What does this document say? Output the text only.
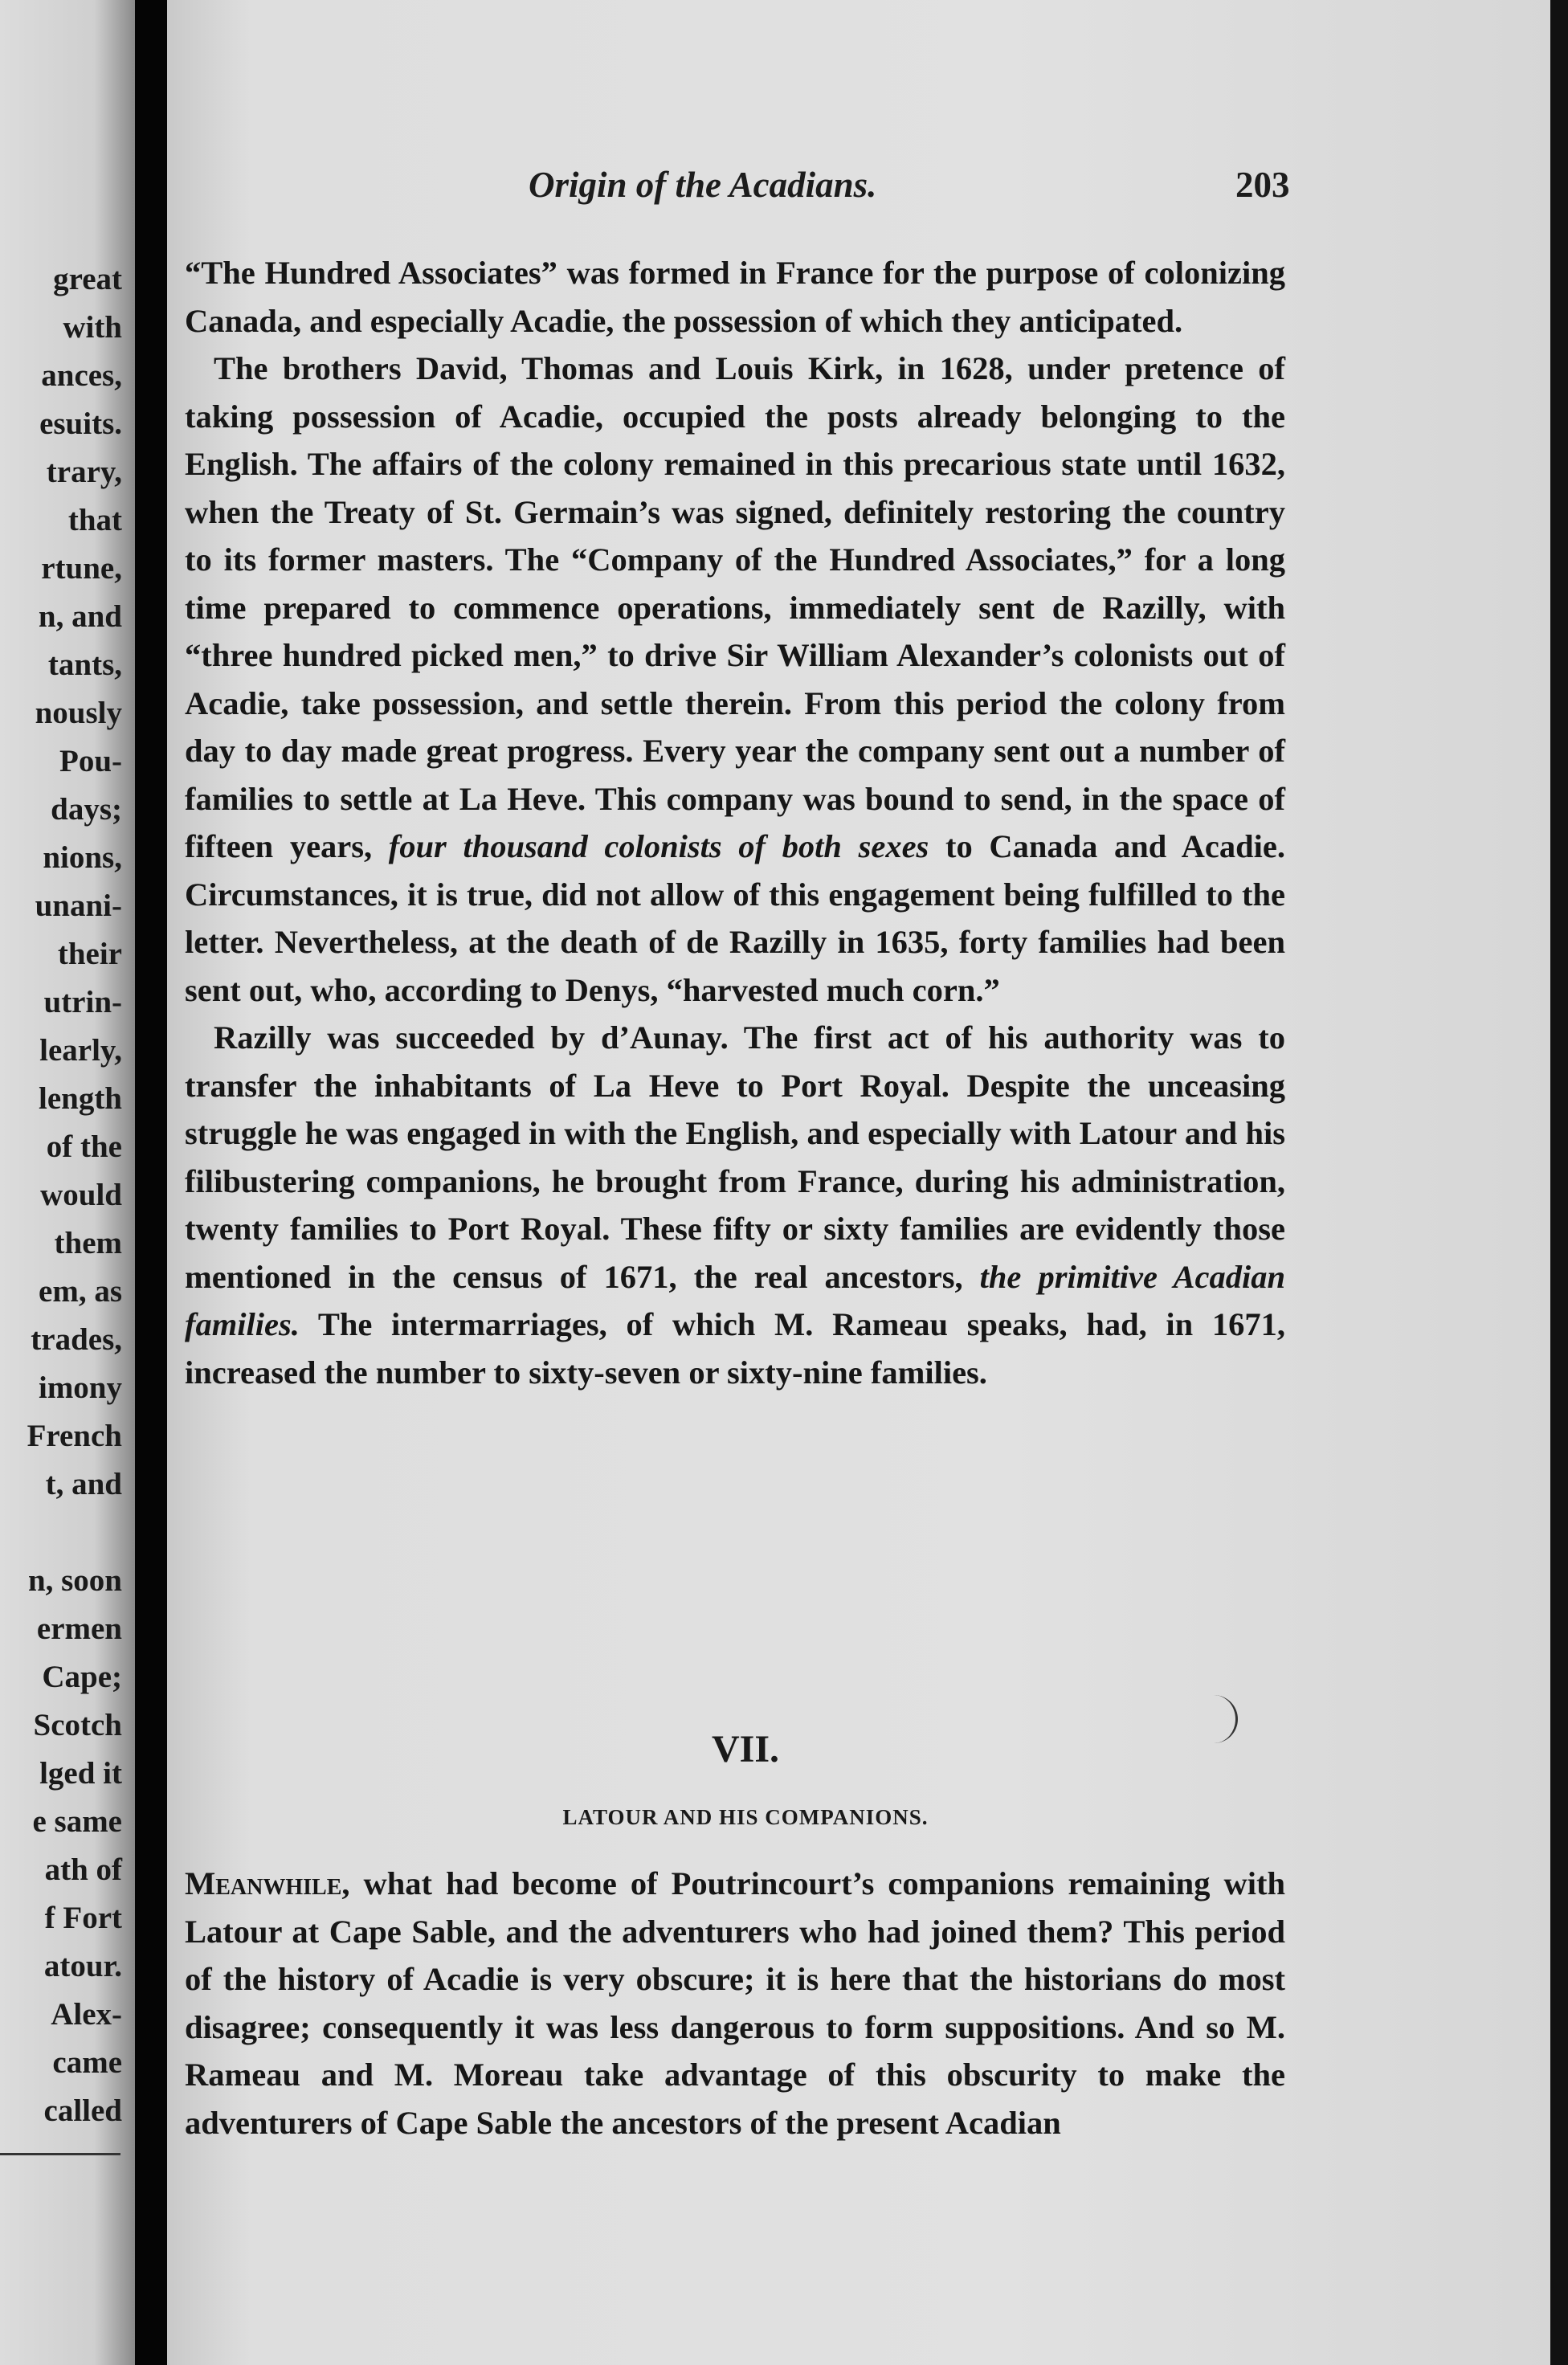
great
with
ances,
esuits.
trary,
that
rtune,
n, and
tants,
nously
Pou-
days;
nions,
unani-
their
utrin-
learly,
length
of the
would
them
em, as
trades,
imony
French
t, and
n, soon
ermen
Cape;
Scotch
lged it
e same
ath of
f Fort
atour.
Alex-
came
called
Origin of the Acadians.	203

“The Hundred Associates” was formed in France for the purpose of colonizing Canada, and especially Acadie, the possession of which they anticipated.

The brothers David, Thomas and Louis Kirk, in 1628, under pretence of taking possession of Acadie, occupied the posts already belonging to the English. The affairs of the colony remained in this precarious state until 1632, when the Treaty of St. Germain’s was signed, definitely restoring the country to its former masters. The “Company of the Hundred Associates,” for a long time prepared to commence operations, immediately sent de Razilly, with “three hundred picked men,” to drive Sir William Alexander’s colonists out of Acadie, take possession, and settle therein. From this period the colony from day to day made great progress. Every year the company sent out a number of families to settle at La Heve. This company was bound to send, in the space of fifteen years, four thousand colonists of both sexes to Canada and Acadie. Circumstances, it is true, did not allow of this engagement being fulfilled to the letter. Nevertheless, at the death of de Razilly in 1635, forty families had been sent out, who, according to Denys, “harvested much corn.”

Razilly was succeeded by d’Aunay. The first act of his authority was to transfer the inhabitants of La Heve to Port Royal. Despite the unceasing struggle he was engaged in with the English, and especially with Latour and his filibustering companions, he brought from France, during his administration, twenty families to Port Royal. These fifty or sixty families are evidently those mentioned in the census of 1671, the real ancestors, the primitive Acadian families. The intermarriages, of which M. Rameau speaks, had, in 1671, increased the number to sixty-seven or sixty-nine families.

VII.
LATOUR AND HIS COMPANIONS.

Meanwhile, what had become of Poutrincourt’s companions remaining with Latour at Cape Sable, and the adventurers who had joined them? This period of the history of Acadie is very obscure; it is here that the historians do most disagree; consequently it was less dangerous to form suppositions. And so M. Rameau and M. Moreau take advantage of this obscurity to make the adventurers of Cape Sable the ancestors of the present Acadian
